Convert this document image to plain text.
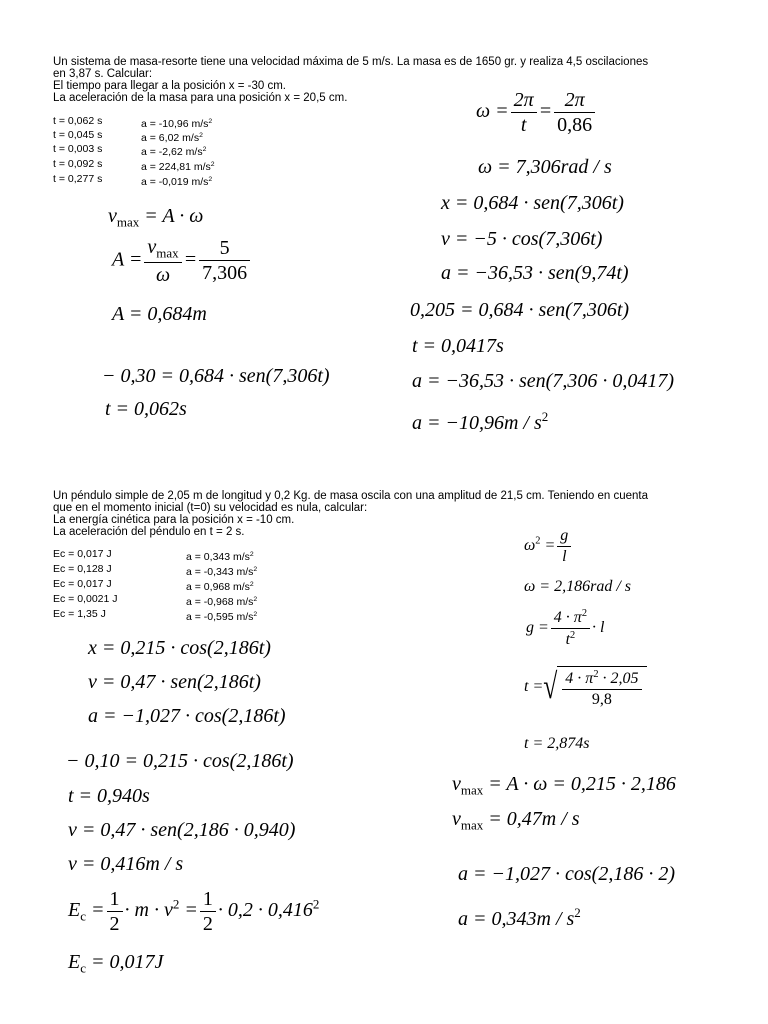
Un sistema de masa-resorte tiene una velocidad máxima de 5 m/s. La masa es de 1650 gr. y realiza 4,5 oscilaciones
en 3,87 s. Calcular:
El tiempo para llegar a la posición x = -30 cm.
La aceleración de la masa para una posición x = 20,5 cm.
t = 0,062 s	a = -10,96 $m/s^2$
t = 0,045 s	a = 6,02 $m/s^2$
t = 0,003 s	a = -2,62 $m/s^2$
t = 0,092 s	a = 224,81 $m/s^2$
t = 0,277 s	a = -0,019 $m/s^2$
$v_{max} = A \cdot \omega$
$A = \frac{v_{max}}{\omega} = \frac{5}{7,306}$
A = 0,684m
− 0,30 = 0,684 · sen(7,306t)
t = 0,062s
$\omega = \frac{2\pi}{t} = \frac{2\pi}{0,86}$
ω = 7,306rad / s
x = 0,684 · sen(7,306t)
v = −5 · cos(7,306t)
a = −36,53 · sen(9,74t)
0,205 = 0,684 · sen(7,306t)
t = 0,0417s
a = −36,53 · sen(7,306 · 0,0417)
$a = -10,96m / s^2$
Un péndulo simple de 2,05 m de longitud y 0,2 Kg. de masa oscila con una amplitud de 21,5 cm. Teniendo en cuenta
que en el momento inicial (t=0) su velocidad es nula, calcular:
La energía cinética para la posición x = -10 cm.
La aceleración del péndulo en t = 2 s.
Ec = 0,017 J	a = 0,343 $m/s^2$
Ec = 0,128 J	a = -0,343 $m/s^2$
Ec = 0,017 J	a = 0,968 $m/s^2$
Ec = 0,0021 J	a = -0,968 $m/s^2$
Ec = 1,35 J	a = -0,595 $m/s^2$
x = 0,215 · cos(2,186t)
v = 0,47 · sen(2,186t)
a = −1,027 · cos(2,186t)
− 0,10 = 0,215 · cos(2,186t)
t = 0,940s
v = 0,47 · sen(2,186 · 0,940)
v = 0,416m / s
$E_c = \frac{1}{2} \cdot m \cdot v^2 = \frac{1}{2} \cdot 0,2 \cdot 0,416^2$
$E_c = 0,017J$
$\omega^2 = \frac{g}{l}$
ω = 2,186rad / s
$g = \frac{4 \cdot \pi^2}{t^2} \cdot l$
t =√ $\frac{4 \cdot \pi^2 \cdot 2,05}{9,8}$
t = 2,874s
$v_{max} = A \cdot \omega = 0,215 \cdot 2,186$
$v_{max} = 0,47m / s$
a = −1,027 · cos(2,186 · 2)
$a = 0,343m / s^2$
